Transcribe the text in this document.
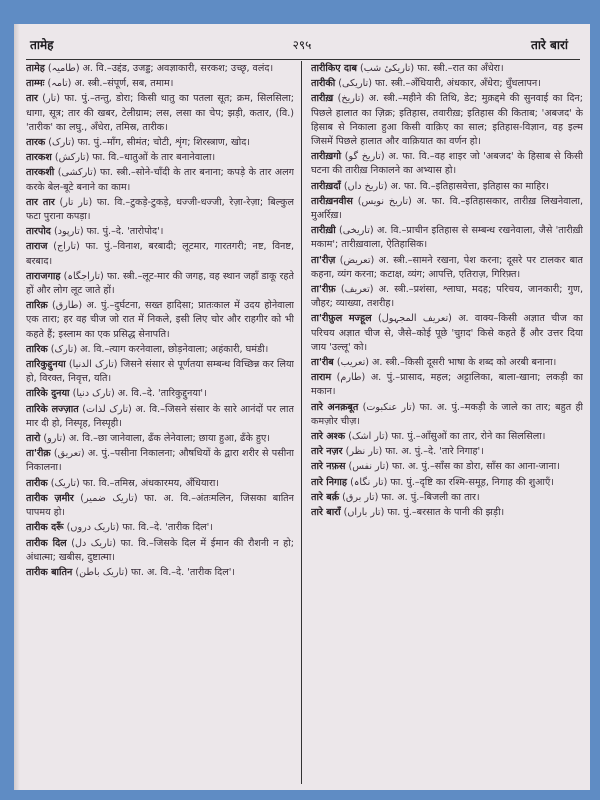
तामेह	२९५	तारे बारां
तामेह (طامیہ) अ. वि.–उद्दंड, उजड्ड; अवज्ञाकारी, सरकश; उच्छृ, वलंद।
ताम्मः (تامہ) अ. स्त्री.–संपूर्ण, सब, तमाम।
तार (تار) फा. पुं.–तन्तु, डोरा; किसी धातु का पतला सूत; क्रम, सिलसिला; धागा, सूत्र; तार की खबर, टेलीग्राम; लस, लसा का चेप; झड़ी, कतार, (वि.) 'तारीक' का लघु., अँधेरा, तमिस्र, तारीक।
तारक (تارک) फा. पुं.–माँग, सीमंत; चोटी, शृंग; शिरस्त्राण, खोद।
तारकश (تارکش) फा. वि.–धातुओं के तार बनानेवाला।
तारकशी (تارکشی) फा. स्त्री.–सोने-चाँदी के तार बनाना; कपड़े के तार अलग करके बेल-बूटे बनाने का काम।
तार तार (تار تار) फा. वि.–टुकड़े-टुकड़े, धज्जी-धज्जी, रेज़ा-रेज़ा; बिल्कुल फटा पुराना कपड़ा।
तारपोद (تارپود) फा. पुं.–दे. 'तारोपोद'।
ताराज (تاراج) फा. पुं.–विनाश, बरबादी; लूटमार, गारतगरी; नष्ट, विनष्ट, बरबाद।
ताराजगाह (تاراجگاہ) फा. स्त्री.–लूट-मार की जगह, वह स्थान जहाँ डाकू रहते हों और लोग लूट जाते हों।
तारिक़ (طارق) अ. पुं.–दुर्घटना, सख्त हादिसा; प्रातःकाल में उदय होनेवाला एक तारा; हर वह चीज जो रात में निकले, इसी लिए चोर और राहगीर को भी कहते हैं; इस्लाम का एक प्रसिद्ध सेनापति।
तारिक (تارک) अ. वि.–त्याग करनेवाला, छोड़नेवाला; अहंकारी, घमंडी।
तारिकुद्दुनया (تارک الدنیا) जिसने संसार से पूर्णतया सम्बन्ध विच्छिन्न कर लिया हो, विरक्त, निवृत्त, यति।
तारिके दुनया (تارک دنیا) अ. वि.–दे. 'तारिकुद्दुनया'।
तारिके लज्ज़ात (تارک لذات) अ. वि.–जिसने संसार के सारे आनंदों पर लात मार दी हो, निस्पृह, निस्पृही।
तारो (تارو) अ. वि.–छा जानेवाला, ढँक लेनेवाला; छाया हुआ, ढँके हुए।
ता'रीक़ (تعریق) अ. पुं.–पसीना निकालना; औषधियों के द्वारा शरीर से पसीना निकालना।
तारीक (تاریک) फा. वि.–तमिस्र, अंधकारमय, अँधियारा।
तारीक ज़मीर (تاریک ضمیر) फा. अ. वि.–अंतःमलिन, जिसका बातिन पापमय हो।
तारीक दरूँ (تاریک دروں) फा. वि.–दे. 'तारीक दिल'।
तारीक दिल (تاریک دل) फा. वि.–जिसके दिल में ईमान की रौशनी न हो; अंधात्मा; खबीस, दुष्टात्मा।
तारीक बातिन (تاریک باطن) फा. अ. वि.–दे. 'तारीक दिल'।
तारीकिए दाब (تاریکیٔ شب) फा. स्त्री.–रात का अँधेरा।
तारीकी (تاریکی) फा. स्त्री.–अँधियारी, अंधकार, अँधेरा; धुँधलापन।
तारीख़ (تاریخ) अ. स्त्री.–महीने की तिथि, डेट; मुक़द्दमे की सुनवाई का दिन; पिछले हालात का ज़िक्र; इतिहास, तवारीख़; इतिहास की किताब; 'अबजद' के हिसाब से निकाला हुआ किसी वाक़िए का साल; इतिहास-विज्ञान, वह इल्म जिसमें पिछले हालात और वाक़ियात का वर्णन हो।
तारीख़गो (تاریخ گو) अ. फा. वि.–वह शाइर जो 'अबजद' के हिसाब से किसी घटना की तारीख़ निकालने का अभ्यास हो।
तारीख़दाँ (تاریخ داں) अ. फा. वि.–इतिहासवेत्ता, इतिहास का माहिर।
तारीख़नवीस (تاریخ نویس) अ. फा. वि.–इतिहासकार, तारीख़ लिखनेवाला, मुअर्रिख़।
तारीख़ी (تاریخی) अ. वि.–प्राचीन इतिहास से सम्बन्ध रखनेवाला, जैसे 'तारीख़ी मकाम'; तारीख़वाला, ऐतिहासिक।
ता'रीज़ (تعریض) अ. स्त्री.–सामने रखना, पेश करना; दूसरे पर टालकर बात कहना, व्यंग करना; कटाक्ष, व्यंग; आपत्ति, एतिराज़, गिरिफ़्त।
ता'रीफ़ (تعریف) अ. स्त्री.–प्रशंसा, श्लाघा, मदह; परिचय, जानकारी; गुण, जौहर; व्याख्या, तशरीह।
ता'रीफ़ुल मज्हूल (تعریف المجہول) अ. वाक्य–किसी अज्ञात चीज का परिचय अज्ञात चीज से, जैसे–कोई पूछे 'चुग़द' किसे कहते हैं और उत्तर दिया जाय 'उल्लू' को।
ता'रीब (تعریب) अ. स्त्री.–किसी दूसरी भाषा के शब्द को अरबी बनाना।
ताराम (طارم) अ. पुं.–प्रासाद, महल; अट्टालिका, बाला-खाना; लकड़ी का मकान।
तारे अनक़बूत (تار عنکبوت) फा. अ. पुं.–मकड़ी के जाले का तार; बहुत ही कमज़ोर चीज़।
तारे अश्क (تار اشک) फा. पुं.–आँसुओं का तार, रोने का सिलसिला।
तारे नज़र (تار نظر) फा. अ. पुं.–दे. 'तारे निगाह'।
तारे नफ़स (تار نفس) फा. अ. पुं.–साँस का डोरा, साँस का आना-जाना।
तारे निगाह (تار نگاہ) फा. पुं.–दृष्टि का रश्मि-समूह, निगाह की शुआएँ।
तारे बर्क़ (تار برق) फा. अ. पुं.–बिजली का तार।
तारे बाराँ (تار باراں) फा. पुं.–बरसात के पानी की झड़ी।
